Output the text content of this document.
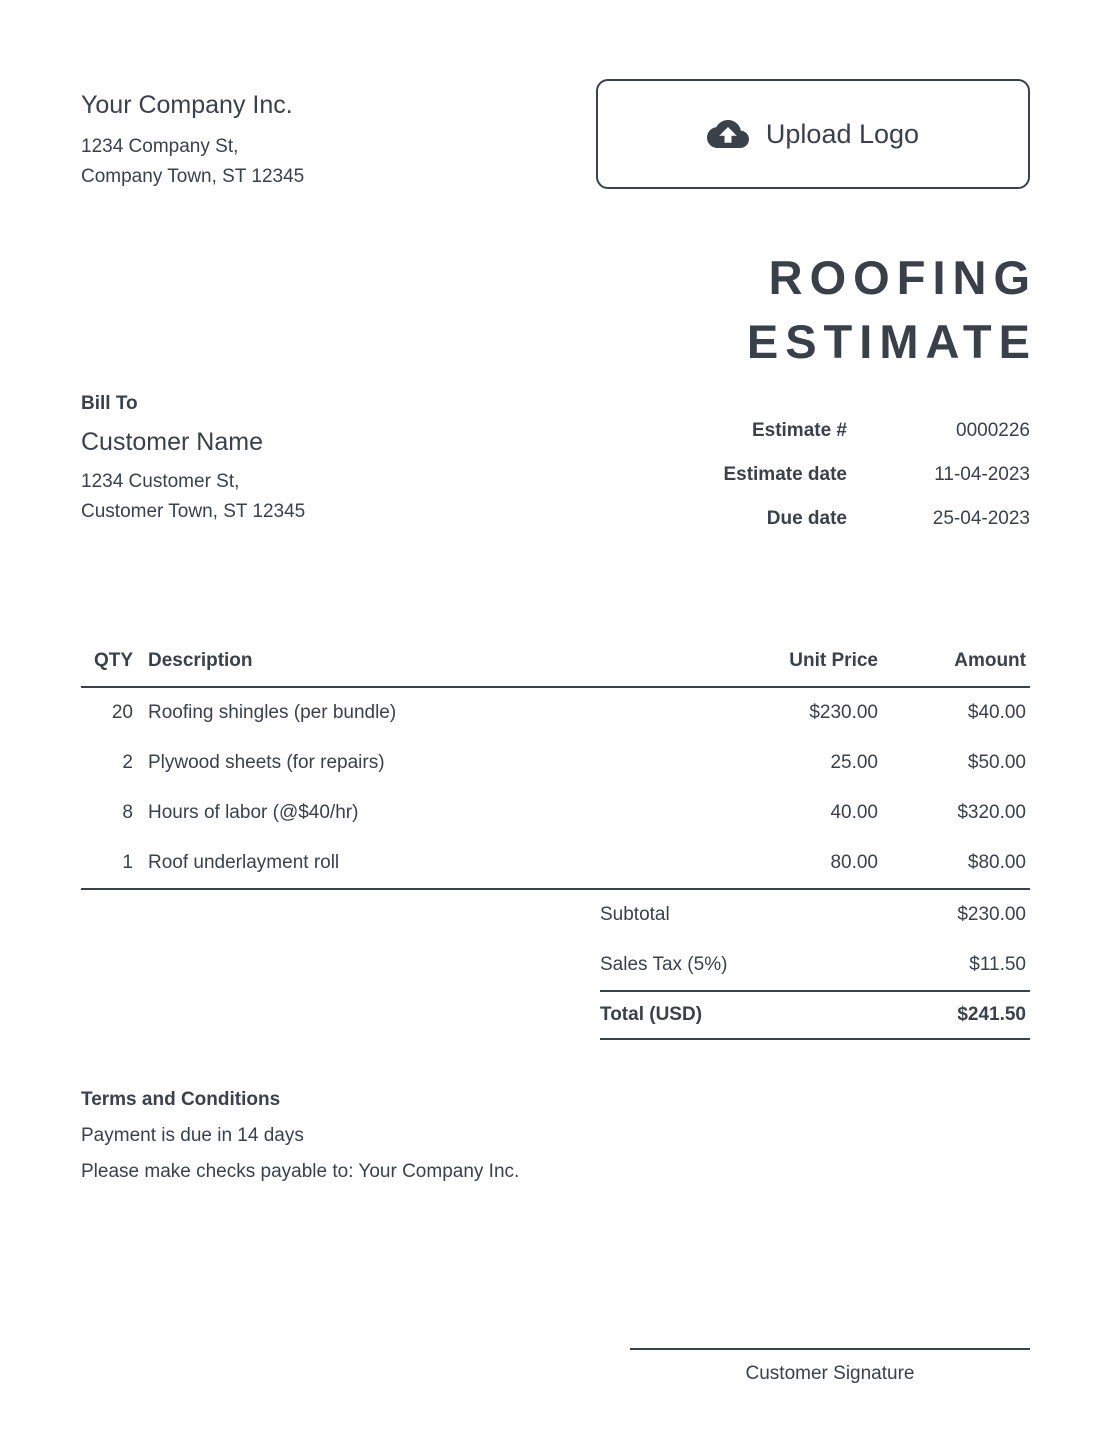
Your Company Inc.
1234 Company St,
Company Town, ST 12345
Upload Logo
ROOFING
ESTIMATE
Bill To
Customer Name
1234 Customer St,
Customer Town, ST 12345
Estimate #	0000226
Estimate date	11-04-2023
Due date	25-04-2023
QTY Description	Unit Price	Amount
20 Roofing shingles (per bundle)	$230.00	$40.00
2 Plywood sheets (for repairs)	25.00	$50.00
8 Hours of labor (@$40/hr)	40.00	$320.00
1 Roof underlayment roll	80.00	$80.00
Subtotal	$230.00
Sales Tax (5%)	$11.50
Total (USD)	$241.50
Terms and Conditions
Payment is due in 14 days
Please make checks payable to: Your Company Inc.
Customer Signature
